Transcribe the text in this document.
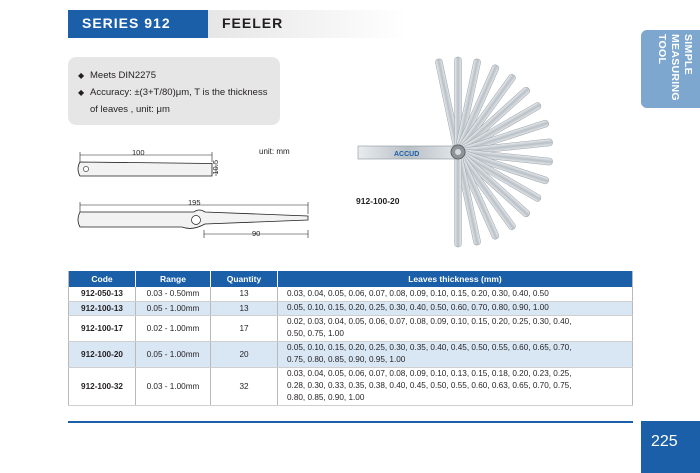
SERIES 912	FEELER
SIMPLE
MEASURING TOOL
◆ Meets DIN2275
◆ Accuracy: ±(3+T/80)μm, T is the thickness
of leaves , unit: μm
100
10.5
unit: mm
195
90
ACCUD
912-100-20
Code	Range	Quantity	Leaves thickness (mm)
912-050-13	0.03 - 0.50mm	13	0.03, 0.04, 0.05, 0.06, 0.07, 0.08, 0.09, 0.10, 0.15, 0.20, 0.30, 0.40, 0.50
912-100-13	0.05 - 1.00mm	13	0.05, 0.10, 0.15, 0.20, 0.25, 0.30, 0.40, 0.50, 0.60, 0.70, 0.80, 0.90, 1.00
912-100-17	0.02 - 1.00mm	17	0.02, 0.03, 0.04, 0.05, 0.06, 0.07, 0.08, 0.09, 0.10, 0.15, 0.20, 0.25, 0.30, 0.40,
0.50, 0.75, 1.00
912-100-20	0.05 - 1.00mm	20	0.05, 0.10, 0.15, 0.20, 0.25, 0.30, 0.35, 0.40, 0.45, 0.50, 0.55, 0.60, 0.65, 0.70,
0.75, 0.80, 0.85, 0.90, 0.95, 1.00
912-100-32	0.03 - 1.00mm	32	0.03, 0.04, 0.05, 0.06, 0.07, 0.08, 0.09, 0.10, 0.13, 0.15, 0.18, 0.20, 0.23, 0.25,
0.28, 0.30, 0.33, 0.35, 0.38, 0.40, 0.45, 0.50, 0.55, 0.60, 0.63, 0.65, 0.70, 0.75,
0.80, 0.85, 0.90, 1.00
225
